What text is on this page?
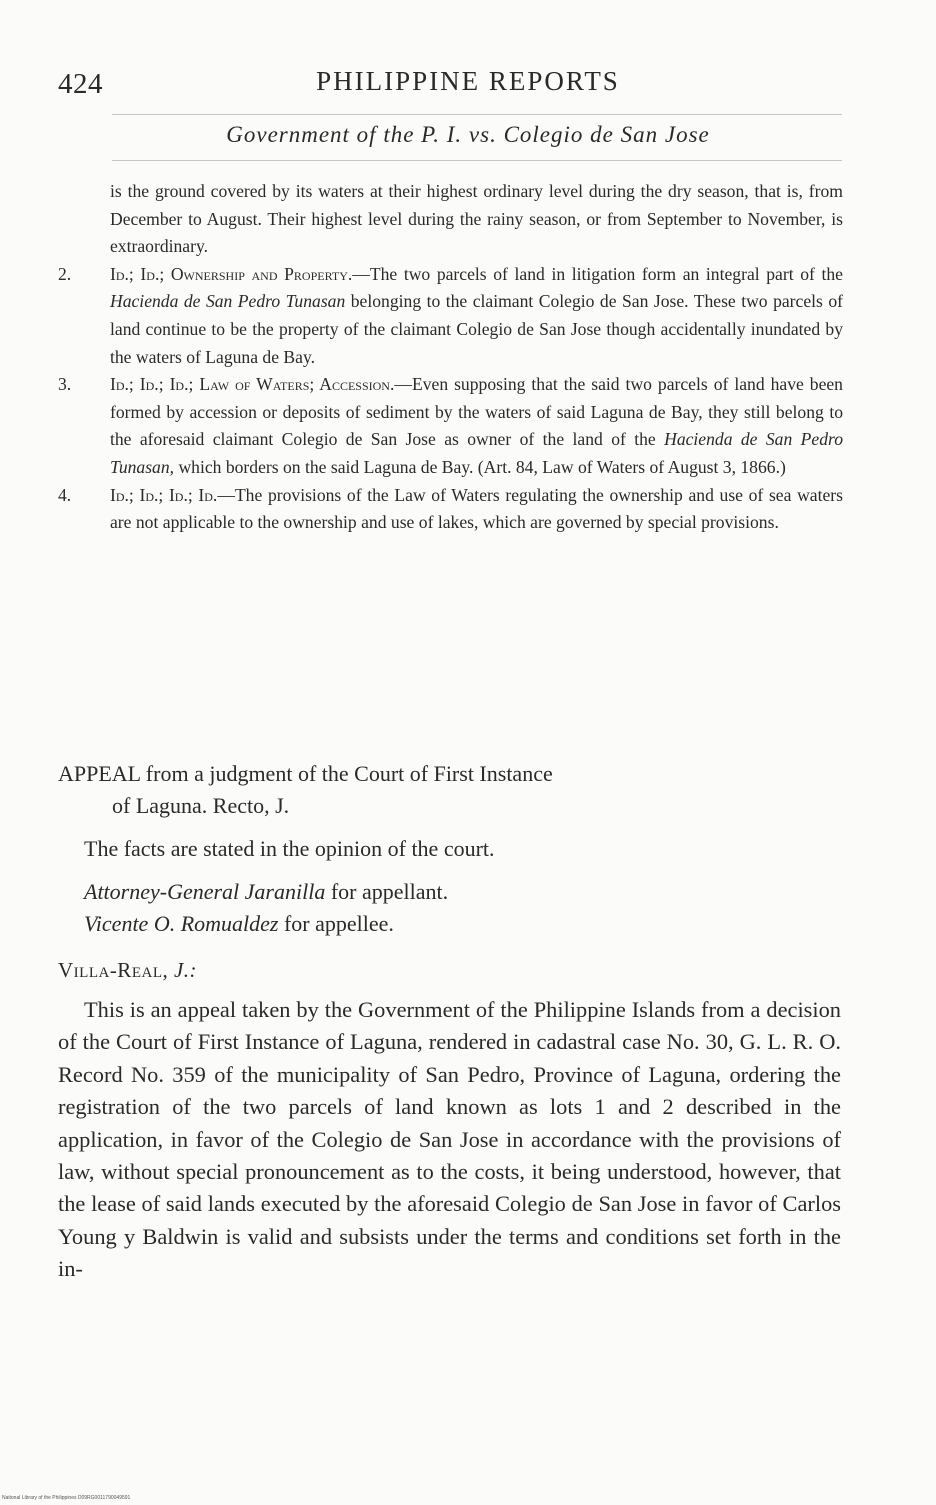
424	PHILIPPINE REPORTS
Government of the P. I. vs. Colegio de San Jose

is the ground covered by its waters at their highest ordinary level during the dry season, that is, from December to August. Their highest level during the rainy season, or from September to November, is extraordinary.

2. Id.; Id.; Ownership and Property.—The two parcels of land in litigation form an integral part of the Hacienda de San Pedro Tunasan belonging to the claimant Colegio de San Jose. These two parcels of land continue to be the property of the claimant Colegio de San Jose though accidentally inundated by the waters of Laguna de Bay.

3. Id.; Id.; Id.; Law of Waters; Accession.—Even supposing that the said two parcels of land have been formed by accession or deposits of sediment by the waters of said Laguna de Bay, they still belong to the aforesaid claimant Colegio de San Jose as owner of the land of the Hacienda de San Pedro Tunasan, which borders on the said Laguna de Bay. (Art. 84, Law of Waters of August 3, 1866.)

4. Id.; Id.; Id.; Id.—The provisions of the Law of Waters regulating the ownership and use of sea waters are not applicable to the ownership and use of lakes, which are governed by special provisions.

APPEAL from a judgment of the Court of First Instance

of Laguna. Recto, J.

The facts are stated in the opinion of the court.

Attorney-General Jaranilla for appellant.

Vicente O. Romualdez for appellee.

Villa-Real, J.:

This is an appeal taken by the Government of the Philippine Islands from a decision of the Court of First Instance of Laguna, rendered in cadastral case No. 30, G. L. R. O. Record No. 359 of the municipality of San Pedro, Province of Laguna, ordering the registration of the two parcels of land known as lots 1 and 2 described in the application, in favor of the Colegio de San Jose in accordance with the provisions of law, without special pronouncement as to the costs, it being understood, however, that the lease of said lands executed by the aforesaid Colegio de San Jose in favor of Carlos Young y Baldwin is valid and subsists under the terms and conditions set forth in the in-

National Library of the Philippines D09RG0011790049591
